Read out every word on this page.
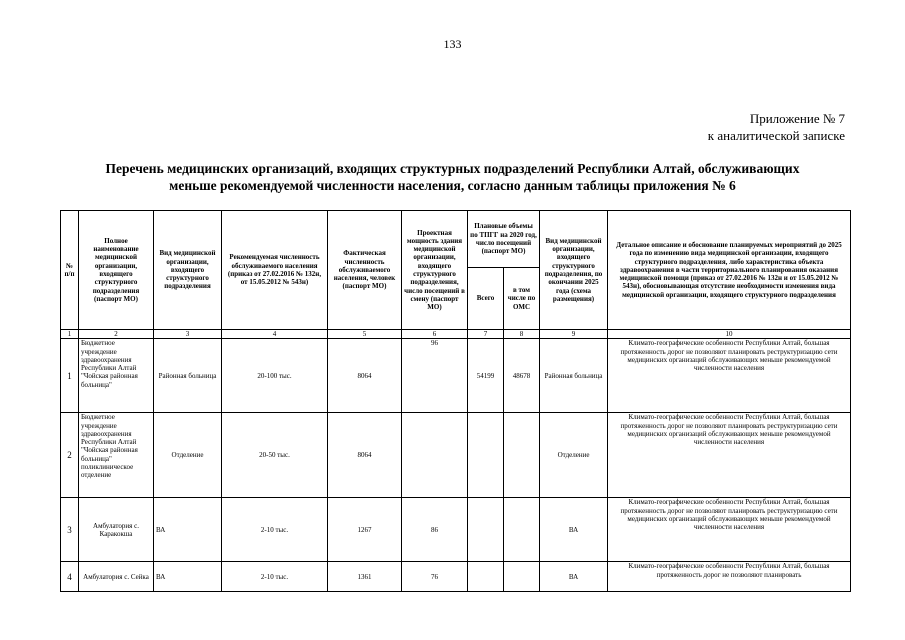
133
Приложение № 7
к аналитической записке
Перечень медицинских организаций, входящих структурных подразделений Республики Алтай, обслуживающих
меньше рекомендуемой численности населения, согласно данным таблицы приложения № 6
№ п/п	Полное наименование медицинской организации, входящего структурного подразделения (паспорт МО)	Вид медицинской организации, входящего структурного подразделения	Рекомендуемая численность обслуживаемого населения (приказ от 27.02.2016 № 132н, от 15.05.2012 № 543н)	Фактическая численность обслуживаемого населения, человек (паспорт МО)	Проектная мощность здания медицинской организации, входящего структурного подразделения, число посещений в смену (паспорт МО)	Плановые объемы по ТПГГ на 2020 год, число посещений (паспорт МО)		Вид медицинской организации, входящего структурного подразделения, по окончании 2025 года (схема размещения)	Детальное описание и обоснование планируемых мероприятий до 2025 года по изменению вида медицинской организации, входящего структурного подразделения, либо характеристика объекта здравоохранения в части территориального планирования оказания медицинской помощи (приказ от 27.02.2016 № 132н и от 15.05.2012 № 543н), обосновывающая отсутствие необходимости изменения вида медицинской организации, входящего структурного подразделения
						Всего	в том числе по ОМС		
1	2	3	4	5	6	7	8	9	10
1	Бюджетное учреждение здравоохранения Республики Алтай "Чойская районная больница"	Районная больница	20-100 тыс.	8064	96	54199	48678	Районная больница	Климато-географические особенности Республики Алтай, большая протяженность дорог не позволяют планировать реструктуризацию сети медицинских организаций обслуживающих меньше рекомендуемой численности населения
2	Бюджетное учреждение здравоохранения Республики Алтай "Чойская районная больница" поликлиническое отделение	Отделение	20-50 тыс.	8064				Отделение	Климато-географические особенности Республики Алтай, большая протяженность дорог не позволяют планировать реструктуризацию сети медицинских организаций обслуживающих меньше рекомендуемой численности населения
3	Амбулатория с. Каракокша	ВА	2-10 тыс.	1267	86			ВА	Климато-географические особенности Республики Алтай, большая протяженность дорог не позволяют планировать реструктуризацию сети медицинских организаций обслуживающих меньше рекомендуемой численности населения
4	Амбулатория с. Сейка	ВА	2-10 тыс.	1361	76			ВА	Климато-географические особенности Республики Алтай, большая протяженность дорог не позволяют планировать
